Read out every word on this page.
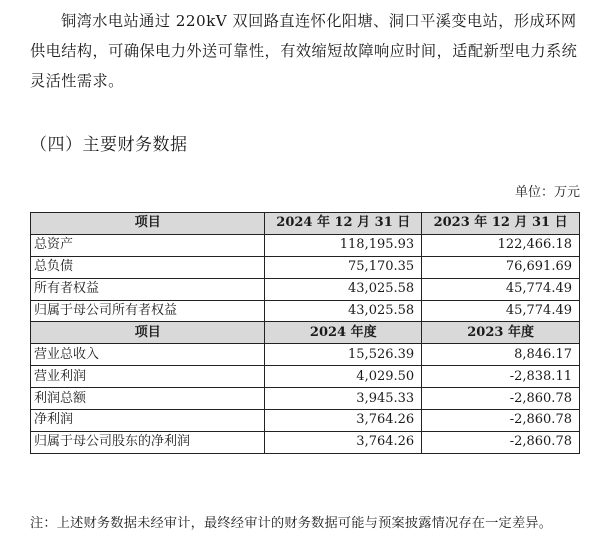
铜湾水电站通过 220kV 双回路直连怀化阳塘、洞口平溪变电站，形成环网供电结构，可确保电力外送可靠性，有效缩短故障响应时间，适配新型电力系统灵活性需求。

（四）主要财务数据
单位：万元
项目	2024 年 12 月 31 日	2023 年 12 月 31 日
总资产	118,195.93	122,466.18
总负债	75,170.35	76,691.69
所有者权益	43,025.58	45,774.49
归属于母公司所有者权益	43,025.58	45,774.49
项目	2024 年度	2023 年度
营业总收入	15,526.39	8,846.17
营业利润	4,029.50	-2,838.11
利润总额	3,945.33	-2,860.78
净利润	3,764.26	-2,860.78
归属于母公司股东的净利润	3,764.26	-2,860.78
注：上述财务数据未经审计，最终经审计的财务数据可能与预案披露情况存在一定差异。
